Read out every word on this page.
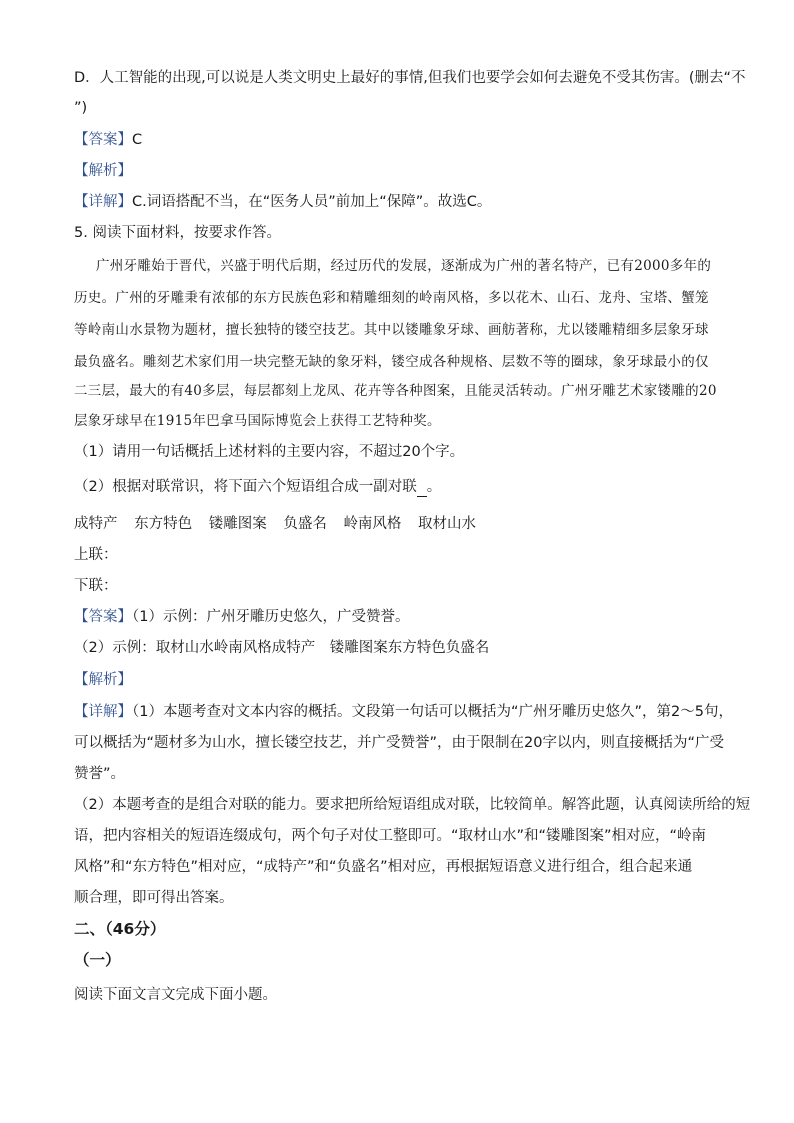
D．人工智能的出现,可以说是人类文明史上最好的事情,但我们也要学会如何去避免不受其伤害。(删去“不
”)
【答案】C
【解析】
【详解】C.词语搭配不当，在“医务人员”前加上“保障”。故选C。
5. 阅读下面材料，按要求作答。
广州牙雕始于晋代，兴盛于明代后期，经过历代的发展，逐渐成为广州的著名特产，已有2000多年的
历史。广州的牙雕秉有浓郁的东方民族色彩和精雕细刻的岭南风格，多以花木、山石、龙舟、宝塔、蟹笼
等岭南山水景物为题材，擅长独特的镂空技艺。其中以镂雕象牙球、画舫著称，尤以镂雕精细多层象牙球
最负盛名。雕刻艺术家们用一块完整无缺的象牙料，镂空成各种规格、层数不等的圈球，象牙球最小的仅
二三层，最大的有40多层，每层都刻上龙凤、花卉等各种图案，且能灵活转动。广州牙雕艺术家镂雕的20
层象牙球早在1915年巴拿马国际博览会上获得工艺特种奖。
（1）请用一句话概括上述材料的主要内容，不超过20个字。
（2）根据对联常识，将下面六个短语组合成一副对联 。
成特产 东方特色 镂雕图案 负盛名 岭南风格 取材山水
上联：
下联：
【答案】（1）示例：广州牙雕历史悠久，广受赞誉。
（2）示例：取材山水岭南风格成特产　镂雕图案东方特色负盛名
【解析】
【详解】（1）本题考查对文本内容的概括。文段第一句话可以概括为“广州牙雕历史悠久”，第2～5句，
可以概括为“题材多为山水，擅长镂空技艺，并广受赞誉”，由于限制在20字以内，则直接概括为“广受
赞誉”。
（2）本题考查的是组合对联的能力。要求把所给短语组成对联，比较简单。解答此题，认真阅读所给的短
语，把内容相关的短语连缀成句，两个句子对仗工整即可。“取材山水”和“镂雕图案”相对应，“岭南
风格”和“东方特色”相对应，“成特产”和“负盛名”相对应，再根据短语意义进行组合，组合起来通
顺合理，即可得出答案。
二、（46分）
（一）
阅读下面文言文完成下面小题。
